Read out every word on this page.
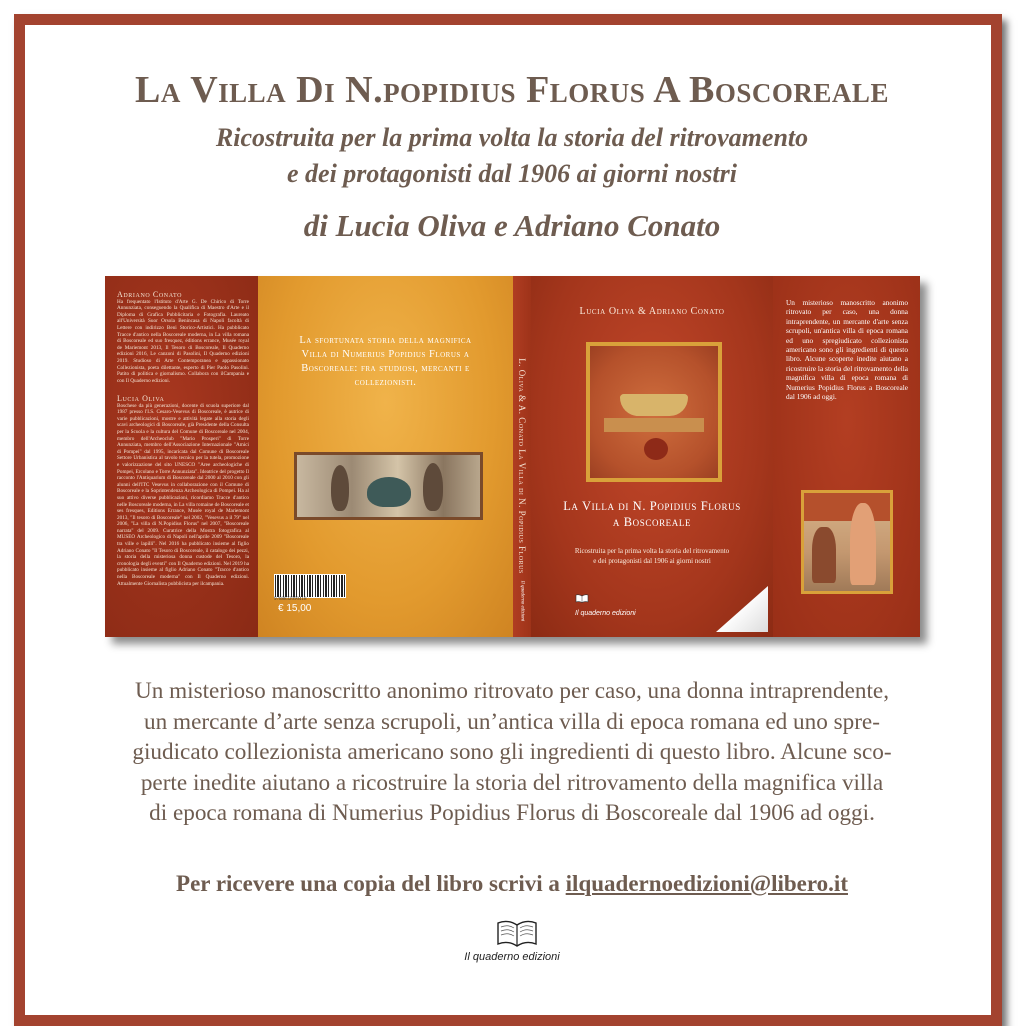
La Villa Di N.popidius Florus A Boscoreale
Ricostruita per la prima volta la storia del ritrovamento
e dei protagonisti dal 1906 ai giorni nostri
di Lucia Oliva e Adriano Conato
Adriano Conato
Ha frequentato l'Istituto d'Arte G. De Chirico di Torre Annunziata, conseguendo la Qualifica di Maestro d'Arte e il Diploma di Grafica Pubblicitaria e Fotografia. Laureato all'Università Suor Orsola Benincasa di Napoli facoltà di Lettere con indirizzo Beni Storico-Artistici. Ha pubblicato Tracce d'antico nella Boscoreale moderna, in La villa romana di Boscoreale ed suo fresquez, éditions errance, Musée royal de Mariemont 2013, Il Tesoro di Boscoreale, Il Quaderno edizioni 2016, Le canzoni di Pasolini, Il Quaderno edizioni 2019. Studioso di Arte Contemporanea e appassionato Collezionista, poeta dilettante, esperto di Pier Paolo Pasolini. Patito di politica e giornalismo. Collabora con ilCampania e con Il Quaderno edizioni.
Lucia Oliva
Boschese da più generazioni, docente di scuola superiore dal 1987 presso l'I.S. Cesaro-Vesevus di Boscoreale, è autrice di varie pubblicazioni, mostre e attività legate alla storia degli scavi archeologici di Boscoreale, già Presidente della Consulta per la Scuola e la cultura del Comune di Boscoreale nel 2004, membro dell'Archeoclub "Mario Prosperi" di Torre Annunziata, membro dell'Associazione Internazionale "Amici di Pompei" dal 1995, incaricata dal Comune di Boscoreale Settore Urbanistica al tavolo tecnico per la tutela, promozione e valorizzazione del sito UNESCO "Aree archeologiche di Pompei, Ercolano e Torre Annunziata". Ideatrice del progetto Il racconto l'Antiquarium di Boscoreale dal 2000 al 2010 con gli alunni dell'ITC Vesevus in collaborazione con il Comune di Boscoreale e la Soprintendenza Archeologica di Pompei. Ha al suo attivo diverse pubblicazioni, ricordiamo Tracce d'antico nelle Boscoreale moderna, in La villa romaine de Boscoreale et ses fresques, Editions Errance, Musée royal de Mariemont 2013, "Il tesoro di Boscoreale" nel 2002, "Vesevus a il 79" nel 2006, "La villa di N.Popidius Florus" nel 2007, "Boscoreale narrata" del 2009. Curatrice della Mostra fotografica al MUSEO Archeologico di Napoli nell'aprile 2009 "Boscoreale tra ville e lapilli". Nel 2016 ha pubblicato insieme al figlio Adriano Conato "Il Tesoro di Boscoreale, il catalogo dei pezzi, la storia della misteriosa donna custode del Tesoro, la cronologia degli eventi" con Il Quaderno edizioni. Nel 2019 ha pubblicato insieme al figlio Adriano Conato "Tracce d'antico nella Boscoreale moderna" con Il Quaderno edizioni. Attualmente Giornalista pubblicista per ilcampania.
La sfortunata storia della magnifica Villa di Numerius Popidius Florus a Boscoreale: fra studiosi, mercanti e collezionisti.
9788832090418
€ 15,00
L. Oliva & A. Conato La Villa di N. Popidius Florus
Il quaderno edizioni
Lucia Oliva & Adriano Conato
La Villa di N. Popidius Florus
a Boscoreale
Ricostruita per la prima volta la storia del ritrovamento
e dei protagonisti dal 1906 ai giorni nostri
Il quaderno edizioni
Un misterioso manoscritto anonimo ritrovato per caso, una donna intraprendente, un mercante d'arte senza scrupoli, un'antica villa di epoca romana ed uno spregiudicato collezionista americano sono gli ingredienti di questo libro. Alcune scoperte inedite aiutano a ricostruire la storia del ritrovamento della magnifica villa di epoca romana di Numerius Popidius Florus a Boscoreale dal 1906 ad oggi.
Un misterioso manoscritto anonimo ritrovato per caso, una donna intraprendente,
un mercante d’arte senza scrupoli, un’antica villa di epoca romana ed uno spre-
giudicato collezionista americano sono gli ingredienti di questo libro. Alcune sco-
perte inedite aiutano a ricostruire la storia del ritrovamento della magnifica villa
di epoca romana di Numerius Popidius Florus di Boscoreale dal 1906 ad oggi.
Per ricevere una copia del libro scrivi a ilquadernoedizioni@libero.it
Il quaderno edizioni
